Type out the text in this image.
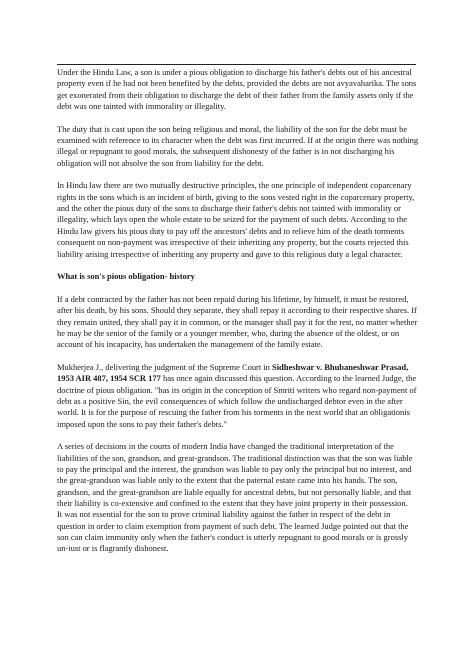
Under the Hindu Law, a son is under a pious obligation to discharge his father's debts out of his ancestral property even if he had not been benefited by the debts, provided the debts are not avyavaharika. The sons get exonerated from their obligation to discharge the debt of their father from the family assets only if the debt was one tainted with immorality or illegality.

The duty that is cast upon the son being religious and moral, the liability of the son for the debt must be examined with reference to its character when the debt was first incurred. If at the origin there was nothing illegal or repugnant to good morals, the subsequent dishonesty of the father is in not discharging his obligation will not absolve the son from liability for the debt.

In Hindu law there are two mutually destructive principles, the one principle of independent coparcenary rights in the sons which is an incident of birth, giving to the sons vested right in the coparcenary property, and the other the pious duty of the sons to discharge their father's debts not tainted with immorality or illegality, which lays open the whole estate to be seized for the payment of such debts. According to the Hindu law givers his pious duty to pay off the ancestors' debts and to relieve him of the death torments consequent on non-payment was irrespective of their inheriting any property, but the courts rejected this liability arising irrespective of inheriting any property and gave to this religious duty a legal character.

What is son's pious obligation- history

If a debt contracted by the father has not been repaid during his lifetime, by himself, it must be restored, after his death, by his sons. Should they separate, they shall repay it according to their respective shares. If they remain united, they shall pay it in common, or the manager shall pay it for the rest, no matter whether he may be the senior of the family or a younger member, who, during the absence of the oldest, or on account of his incapacity, has undertaken the management of the family estate.

Mukherjea J., delivering the judgment of the Supreme Court in Sidheshwar v. Bhubaneshwar Prasad, 1953 AIR 487, 1954 SCR 177 has once again discussed this question. According to the learned Judge, the doctrine of pious obligation. "has its origin in the conception of Smriti writers who regard non-payment of debt as a positive Sin, the evil consequences of which follow the undischarged debtor even in the after world. It is for the purpose of rescuing the father from his torments in the next world that an obligationis imposed upon the sons to pay their father's debts."

A series of decisions in the courts of modern India have changed the traditional interpretation of the liabilities of the son, grandson, and great-grandson. The traditional distinction was that the son was liable to pay the principal and the interest, the grandson was liable to pay only the principal but no interest, and the great-grandson was liable only to the extent that the paternal estate came into his hands. The son, grandson, and the great-grandson are liable equally for ancestral debts, but not personally liable, and that their liability is co-extensive and confined to the extent that they have joint property in their possession.

It was not essential for the son to prove criminal liability against the father in respect of the debt in question in order to claim exemption from payment of such debt. The learned Judge pointed out that the son can claim immunity only when the father's conduct is utterly repugnant to good morals or is grossly un-iust or is flagrantly dishonest.
